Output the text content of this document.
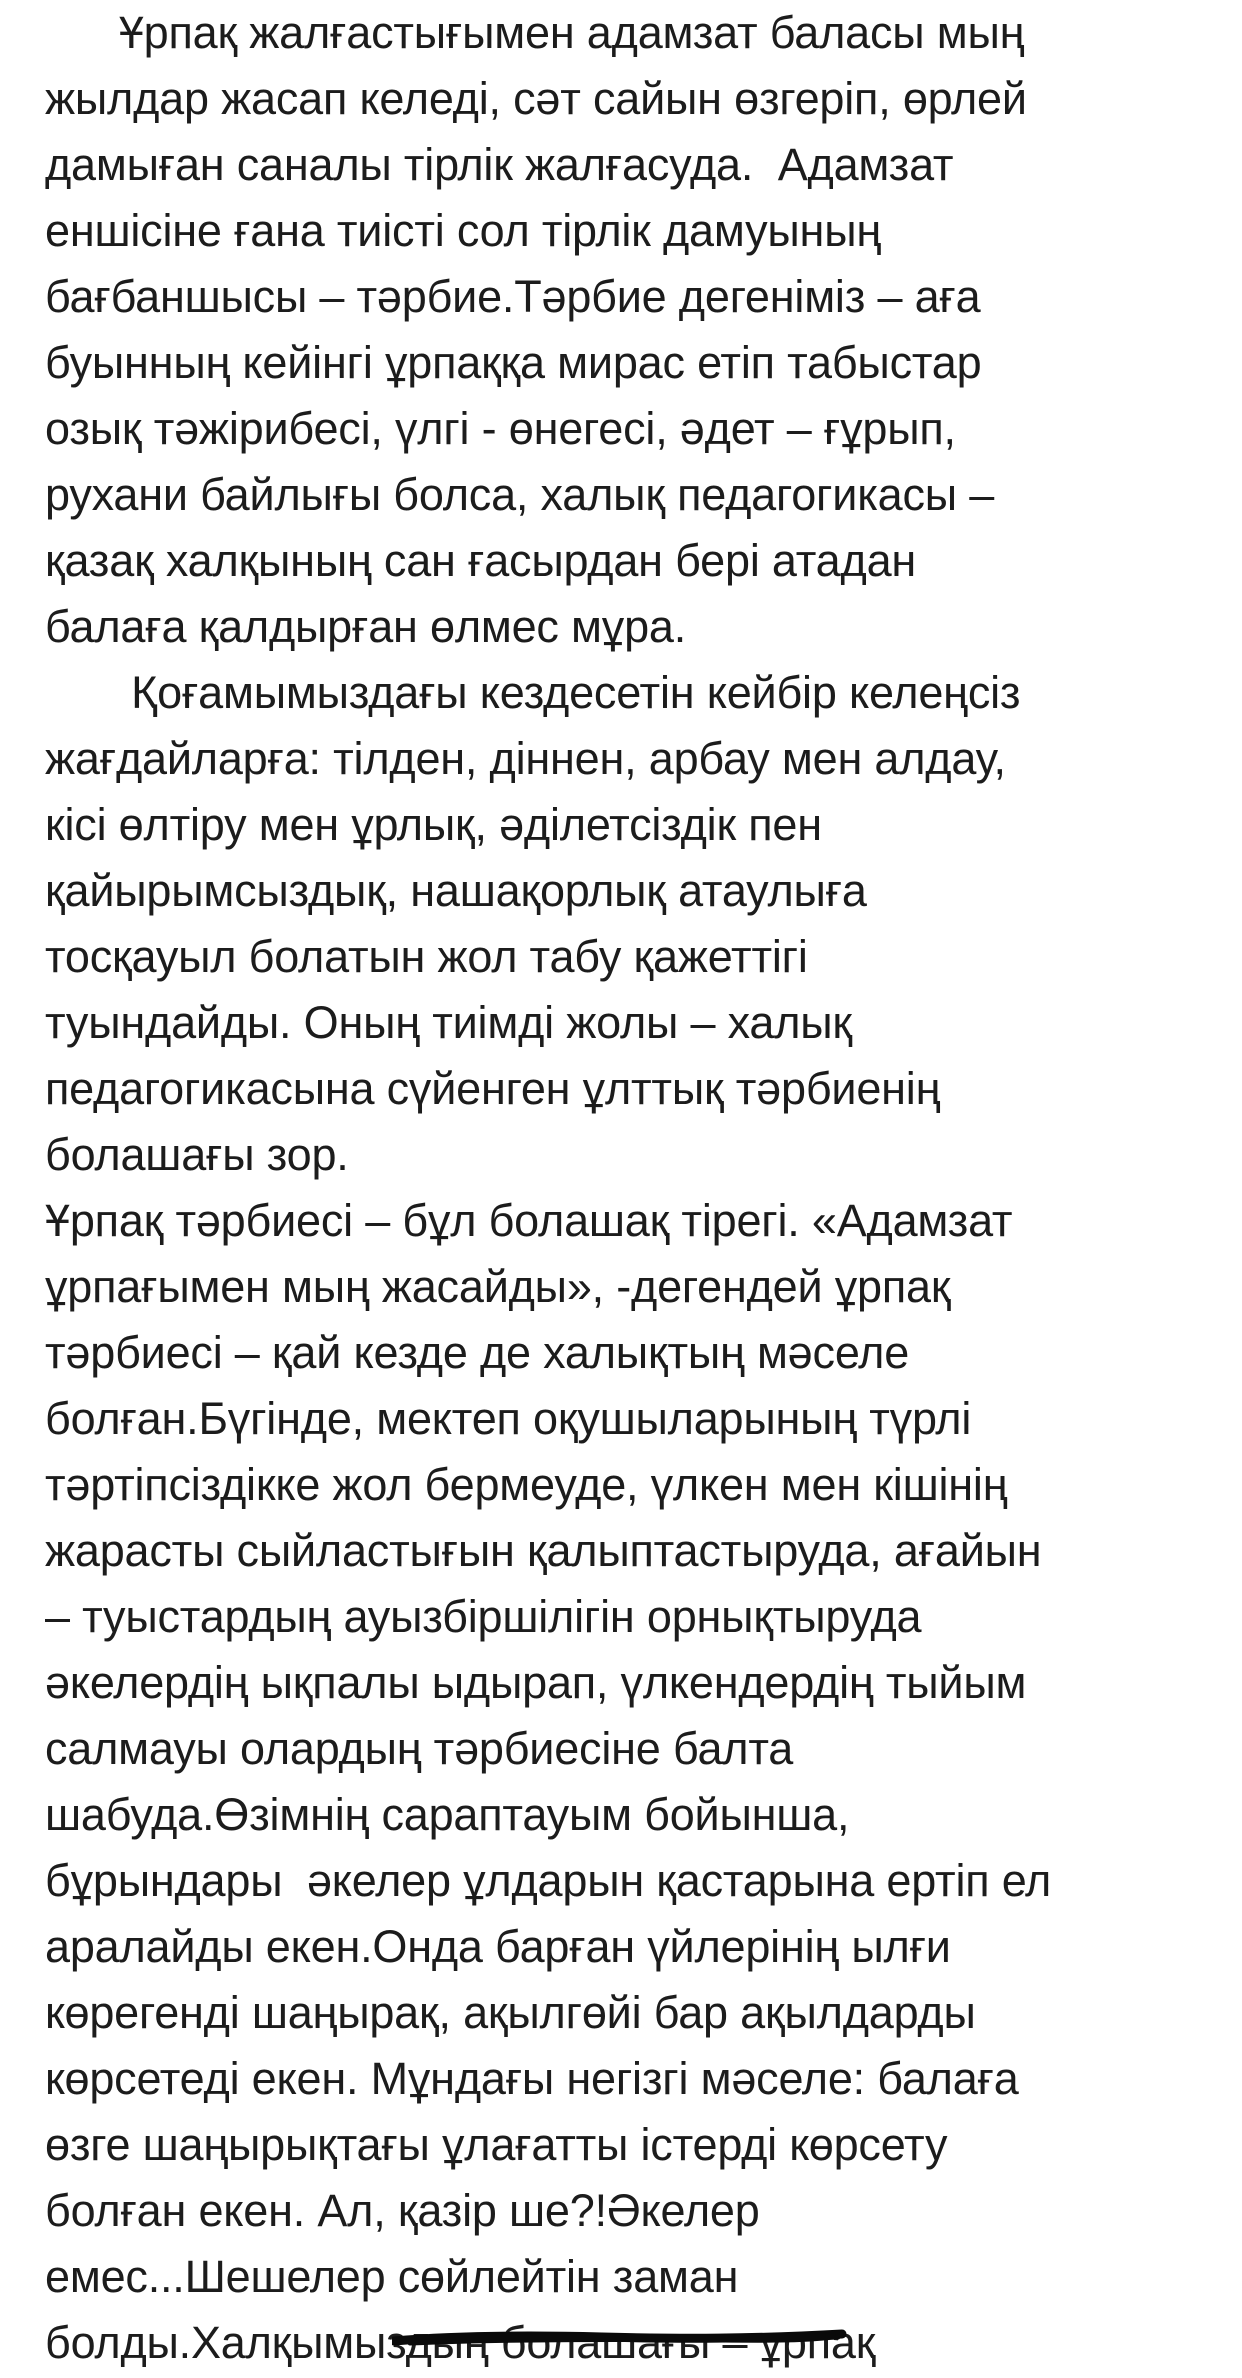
Ұрпақ жалғастығымен адамзат баласы мың
жылдар жасап келеді, сәт сайын өзгеріп, өрлей
дамыған саналы тірлік жалғасуда.  Адамзат
еншісіне ғана тиісті сол тірлік дамуының
бағбаншысы – тәрбие.Тәрбие дегеніміз – аға
буынның кейінгі ұрпаққа мирас етіп табыстар
озық тәжірибесі, үлгі - өнегесі, әдет – ғұрып,
рухани байлығы болса, халық педагогикасы –
қазақ халқының сан ғасырдан бері атадан
балаға қалдырған өлмес мұра.
Қоғамымыздағы кездесетін кейбір келеңсіз
жағдайларға: тілден, діннен, арбау мен алдау,
кісі өлтіру мен ұрлық, әділетсіздік пен
қайырымсыздық, нашақорлық атаулыға
тосқауыл болатын жол табу қажеттігі
туындайды. Оның тиімді жолы – халық
педагогикасына сүйенген ұлттық тәрбиенің
болашағы зор.
Ұрпақ тәрбиесі – бұл болашақ тірегі. «Адамзат
ұрпағымен мың жасайды», -дегендей ұрпақ
тәрбиесі – қай кезде де халықтың мәселе
болған.Бүгінде, мектеп оқушыларының түрлі
тәртіпсіздікке жол бермеуде, үлкен мен кішінің
жарасты сыйластығын қалыптастыруда, ағайын
– туыстардың ауызбіршілігін орнықтыруда
әкелердің ықпалы ыдырап, үлкендердің тыйым
салмауы олардың тәрбиесіне балта
шабуда.Өзімнің сараптауым бойынша,
бұрындары  әкелер ұлдарын қастарына ертіп ел
аралайды екен.Онда барған үйлерінің ылғи
көрегенді шаңырақ, ақылгөйі бар ақылдарды
көрсетеді екен. Мұндағы негізгі мәселе: балаға
өзге шаңырықтағы ұлағатты істерді көрсету
болған екен. Ал, қазір ше?!Әкелер
емес...Шешелер сөйлейтін заман
болды.Халқымыздың болашағы – ұрпақ
